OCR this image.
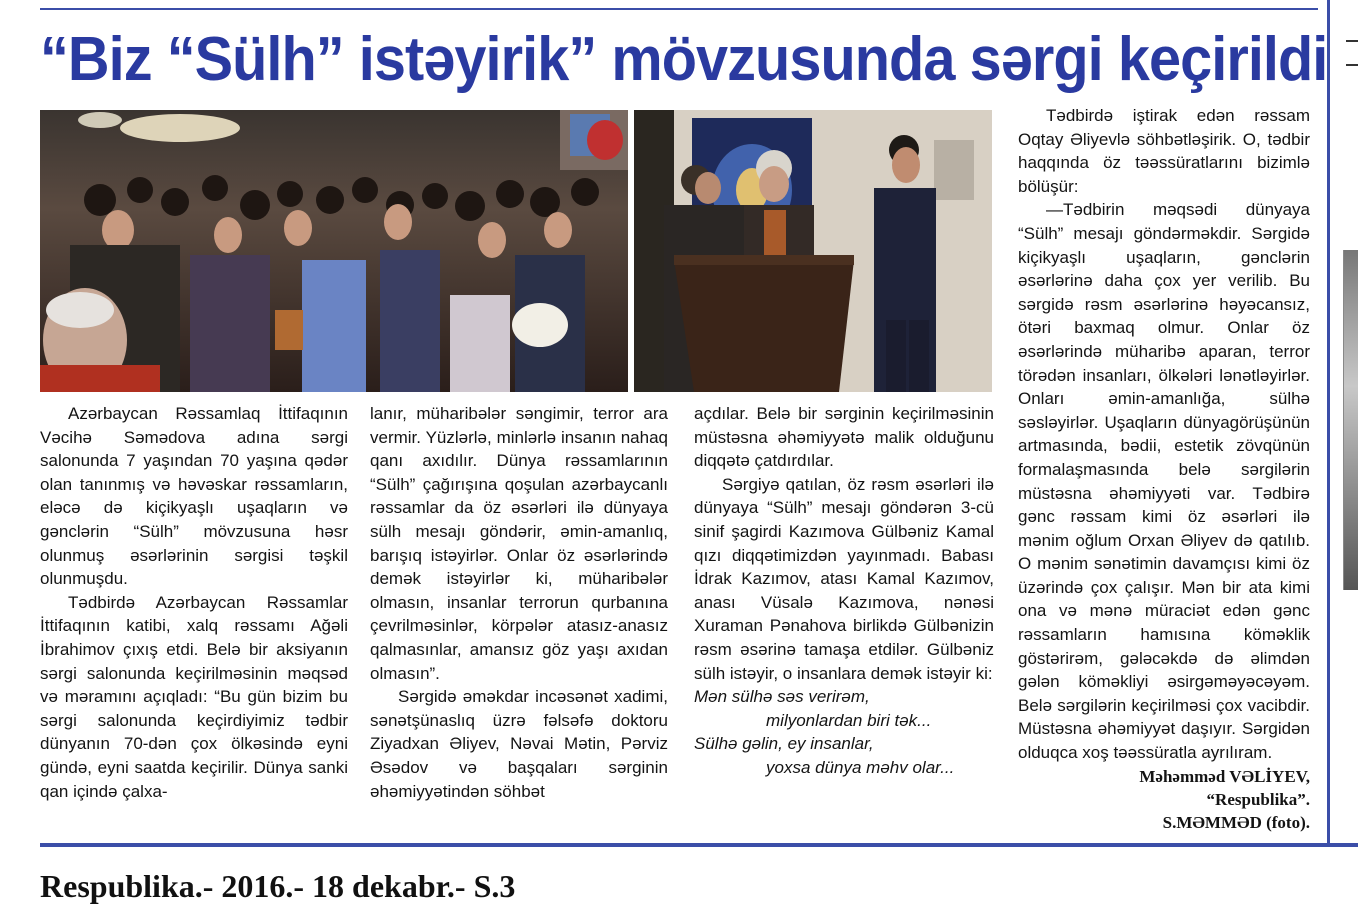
“Biz “Sülh” istəyirik” mövzusunda sərgi keçirildi

Azərbaycan Rəssamlaq İttifaqının Vəcihə Səmədova adına sərgi salonunda 7 yaşından 70 yaşına qədər olan tanınmış və həvəskar rəssamların, eləcə də kiçikyaşlı uşaqların və gənclərin “Sülh” mövzusuna həsr olunmuş əsərlərinin sərgisi təşkil olunmuşdu.

Tədbirdə Azərbaycan Rəssamlar İttifaqının katibi, xalq rəssamı Ağəli İbrahimov çıxış etdi. Belə bir aksiyanın sərgi salonunda keçirilməsinin məqsəd və məramını açıqladı: “Bu gün bizim bu sərgi salonunda keçirdiyimiz tədbir dünyanın 70-dən çox ölkəsində eyni gündə, eyni saatda keçirilir. Dünya sanki qan içində çalxa-

lanır, müharibələr səngimir, terror ara vermir. Yüzlərlə, minlərlə insanın nahaq qanı axıdılır. Dünya rəssamlarının “Sülh” çağırışına qoşulan azərbaycanlı rəssamlar da öz əsərləri ilə dünyaya sülh mesajı göndərir, əmin-amanlıq, barışıq istəyirlər. Onlar öz əsərlərində demək istəyirlər ki, müharibələr olmasın, insanlar terrorun qurbanına çevrilməsinlər, körpələr atasız-anasız qalmasınlar, amansız göz yaşı axıdan olmasın”.

Sərgidə əməkdar incəsənət xadimi, sənətşünaslıq üzrə fəlsəfə doktoru Ziyadxan Əliyev, Nəvai Mətin, Pərviz Əsədov və başqaları sərginin əhəmiyyətindən söhbət

açdılar. Belə bir sərginin keçirilməsinin müstəsna əhəmiyyətə malik olduğunu diqqətə çatdırdılar.

Sərgiyə qatılan, öz rəsm əsərləri ilə dünyaya “Sülh” mesajı göndərən 3-cü sinif şagirdi Kazımova Gülbəniz Kamal qızı diqqətimizdən yayınmadı. Babası İdrak Kazımov, atası Kamal Kazımov, anası Vüsalə Kazımova, nənəsi Xuraman Pənahova birlikdə Gülbənizin rəsm əsərinə tamaşa etdilər. Gülbəniz sülh istəyir, o insanlara demək istəyir ki:

Mən sülhə səs verirəm,
milyonlardan biri tək...
Sülhə gəlin, ey insanlar,
yoxsa dünya məhv olar...

Tədbirdə iştirak edən rəssam Oqtay Əliyevlə söhbətləşirik. O, tədbir haqqında öz təəssüratlarını bizimlə bölüşür:

—Tədbirin məqsədi dünyaya “Sülh” mesajı göndərməkdir. Sərgidə kiçikyaşlı uşaqların, gənclərin əsərlərinə daha çox yer verilib. Bu sərgidə rəsm əsərlərinə həyəcansız, ötəri baxmaq olmur. Onlar öz əsərlərində müharibə aparan, terror törədən insanları, ölkələri lənətləyirlər. Onları əmin-amanlığa, sülhə səsləyirlər. Uşaqların dünyagörüşünün artmasında, bədii, estetik zövqünün formalaşmasında belə sərgilərin müstəsna əhəmiyyəti var. Tədbirə gənc rəssam kimi öz əsərləri ilə mənim oğlum Orxan Əliyev də qatılıb. O mənim sənətimin davamçısı kimi öz üzərində çox çalışır. Mən bir ata kimi ona və mənə müraciət edən gənc rəssamların hamısına köməklik göstərirəm, gələcəkdə də əlimdən gələn köməkliyi əsirgəməyəcəyəm. Belə sərgilərin keçirilməsi çox vacibdir. Müstəsna əhəmiyyət daşıyır. Sərgidən olduqca xoş təəssüratla ayrılıram.

Məhəmməd VƏLİYEV,
“Respublika”.
S.MƏMMƏD (foto).
Respublika.- 2016.- 18 dekabr.- S.3
